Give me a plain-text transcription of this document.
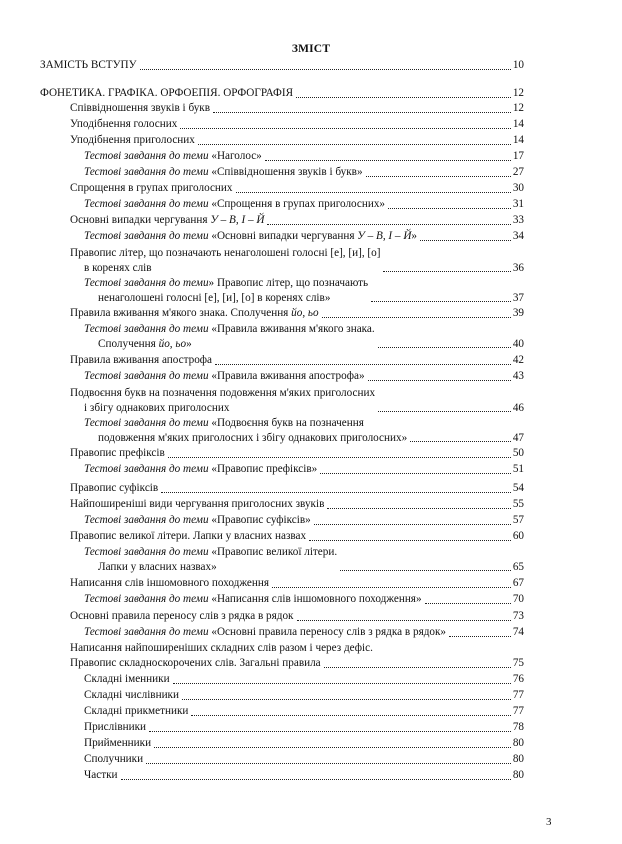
ЗМІСТ
ЗАМІСТЬ ВСТУПУ	10
ФОНЕТИКА. ГРАФІКА. ОРФОЕПІЯ. ОРФОГРАФІЯ	12
Співвідношення звуків і букв	12
Уподібнення голосних	14
Уподібнення приголосних	14
Тестові завдання до теми «Наголос»	17
Тестові завдання до теми «Співвідношення звуків і букв»	27
Спрощення в групах приголосних	30
Тестові завдання до теми «Спрощення в групах приголосних»	31
Основні випадки чергування У – В, І – Й	33
Тестові завдання до теми «Основні випадки чергування У – В, І – Й»	34
Правопис літер, що позначають ненаголошені голосні [е], [и], [о]
в коренях слів	36
Тестові завдання до теми» Правопис літер, що позначають
ненаголошені голосні [е], [и], [о] в коренях слів»	37
Правила вживання м'якого знака. Сполучення йо, ьо	39
Тестові завдання до теми «Правила вживання м'якого знака.
Сполучення йо, ьо»	40
Правила вживання апострофа	42
Тестові завдання до теми «Правила вживання апострофа»	43
Подвоєння букв на позначення подовження м'яких приголосних
і збігу однакових приголосних	46
Тестові завдання до теми «Подвоєння букв на позначення
подовження м'яких приголосних і збігу однакових приголосних»	47
Правопис префіксів	50
Тестові завдання до теми «Правопис префіксів»	51
Правопис суфіксів	54
Найпоширеніші види чергування приголосних звуків	55
Тестові завдання до теми «Правопис суфіксів»	57
Правопис великої літери. Лапки у власних назвах	60
Тестові завдання до теми «Правопис великої літери.
Лапки у власних назвах»	65
Написання слів іншомовного походження	67
Тестові завдання до теми «Написання слів іншомовного походження»	70
Основні правила переносу слів з рядка в рядок	73
Тестові завдання до теми «Основні правила переносу слів з рядка в рядок»	74
Написання найпоширеніших складних слів разом і через дефіс.
Правопис складноскорочених слів. Загальні правила	75
Складні іменники	76
Складні числівники	77
Складні прикметники	77
Прислівники	78
Прийменники	80
Сполучники	80
Частки	80
3
